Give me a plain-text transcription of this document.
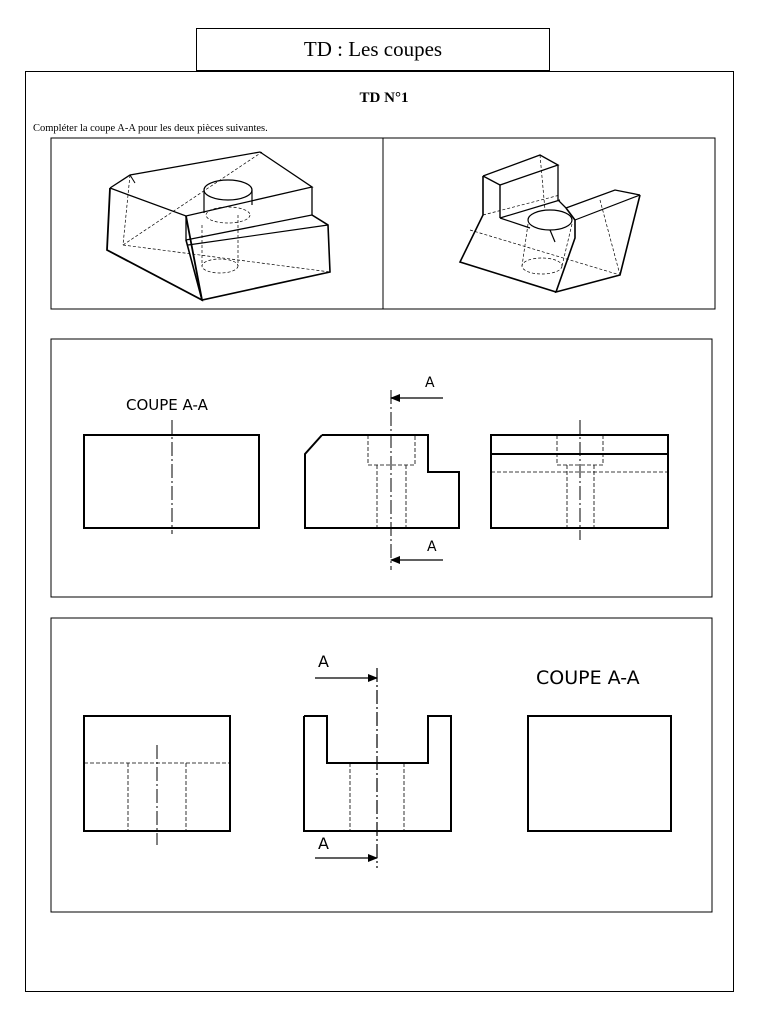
TD : Les coupes
TD N°1
Compléter la coupe A-A pour les deux pièces suivantes.
COUPE A-A
A
A
A
A
COUPE A-A
